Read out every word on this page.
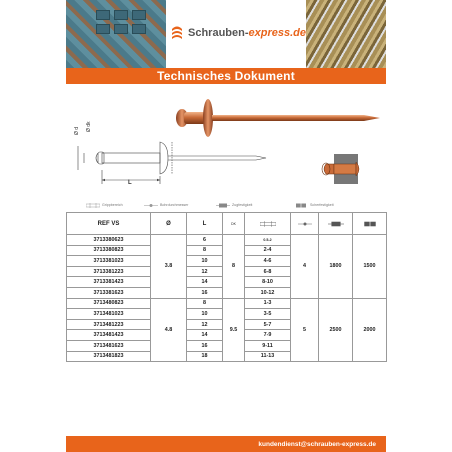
Schrauben-express.de
Technisches Dokument
Ø d Ø dk
L
Grippbereich	Bohrdurchmesser	Zugfestigkeit	Scherfestigkeit
REF VS	Ø	L	DK	

3713380623	3.8	6	8	0.5-2	4	1800	1500
3713380823		8		2-4			
3713381023		10		4-6			
3713381223		12		6-8			
3713381423		14		8-10			
3713381623		16		10-12			
3713480823	4.8	8	9.5	1-3	5	2500	2000
3713481023		10		3-5			
3713481223		12		5-7			
3713481423		14		7-9			
3713481623		16		9-11			
3713481823		18		11-13			
kundendienst@schrauben-express.de
